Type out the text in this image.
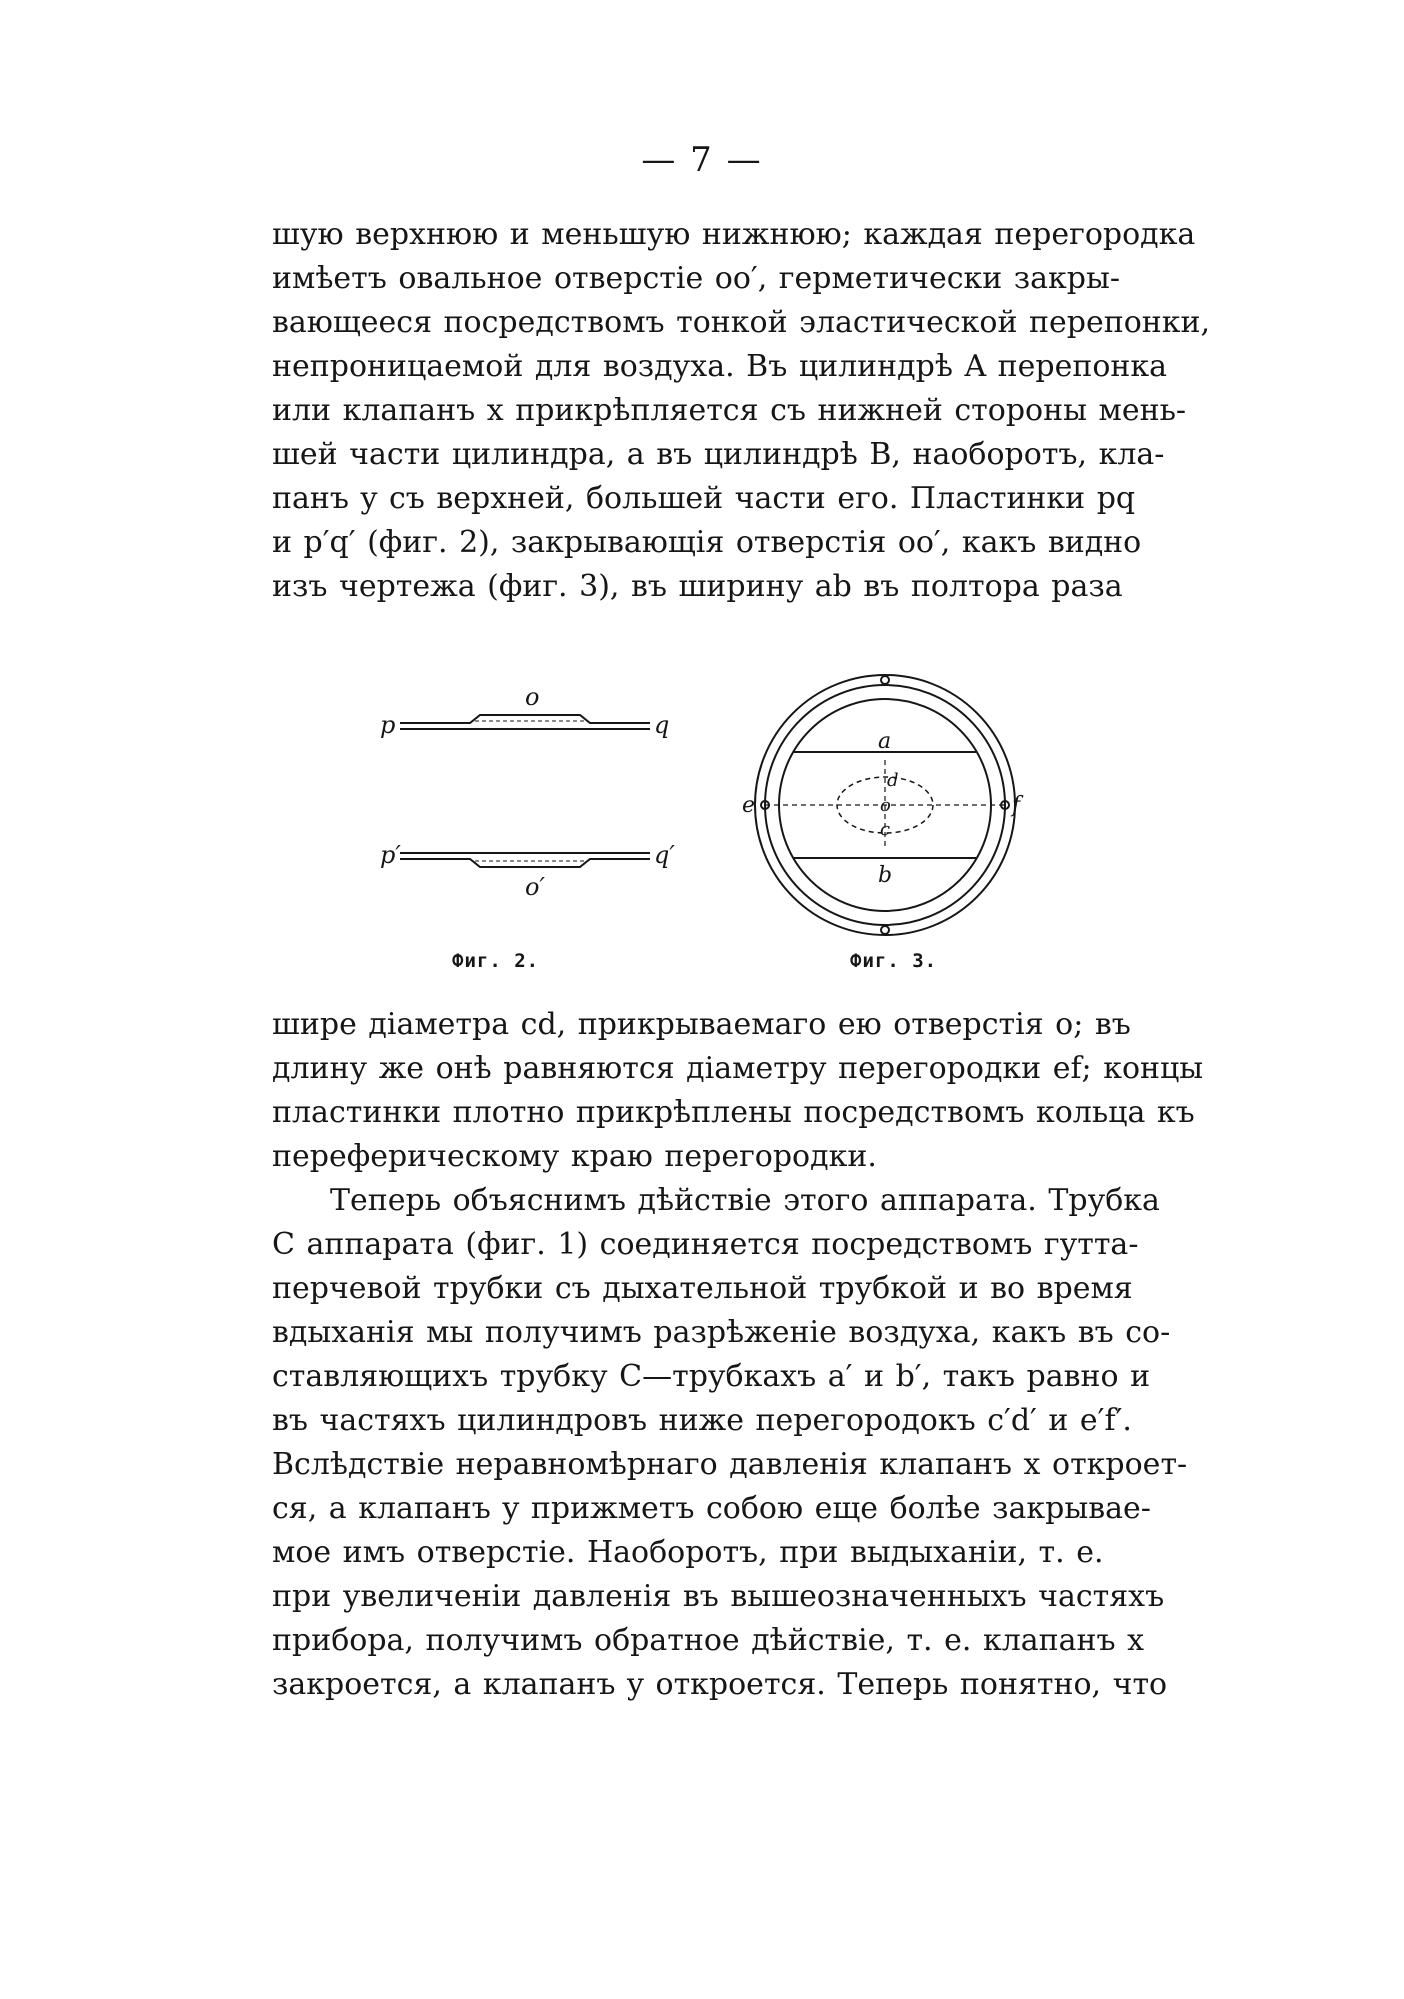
— 7 —
шую верхнюю и меньшую нижнюю; каждая перегородка
имѣетъ овальное отверстіе oo′, герметически закры-
вающееся посредствомъ тонкой эластической перепонки,
непроницаемой для воздуха. Въ цилиндрѣ A перепонка
или клапанъ x прикрѣпляется съ нижней стороны мень-
шей части цилиндра, а въ цилиндрѣ B, наоборотъ, кла-
панъ y съ верхней, большей части его. Пластинки pq
и p′q′ (фиг. 2), закрывающія отверстія oo′, какъ видно
изъ чертежа (фиг. 3), въ ширину ab въ полтора раза
o
p	q
p′	q′
o′
a
d
o
c
b
e	f
Фиг. 2.	Фиг. 3.
шире діаметра cd, прикрываемаго ею отверстія o; въ
длину же онѣ равняются діаметру перегородки ef; концы
пластинки плотно прикрѣплены посредствомъ кольца къ
переферическому краю перегородки.
Теперь объяснимъ дѣйствіе этого аппарата. Трубка
C аппарата (фиг. 1) соединяется посредствомъ гутта-
перчевой трубки съ дыхательной трубкой и во время
вдыханія мы получимъ разрѣженіе воздуха, какъ въ со-
ставляющихъ трубку C—трубкахъ a′ и b′, такъ равно и
въ частяхъ цилиндровъ ниже перегородокъ c′d′ и e′f′.
Вслѣдствіе неравномѣрнаго давленія клапанъ x откроет-
ся, а клапанъ y прижметъ собою еще болѣе закрывае-
мое имъ отверстіе. Наоборотъ, при выдыханіи, т. е.
при увеличеніи давленія въ вышеозначенныхъ частяхъ
прибора, получимъ обратное дѣйствіе, т. е. клапанъ x
закроется, а клапанъ y откроется. Теперь понятно, что
